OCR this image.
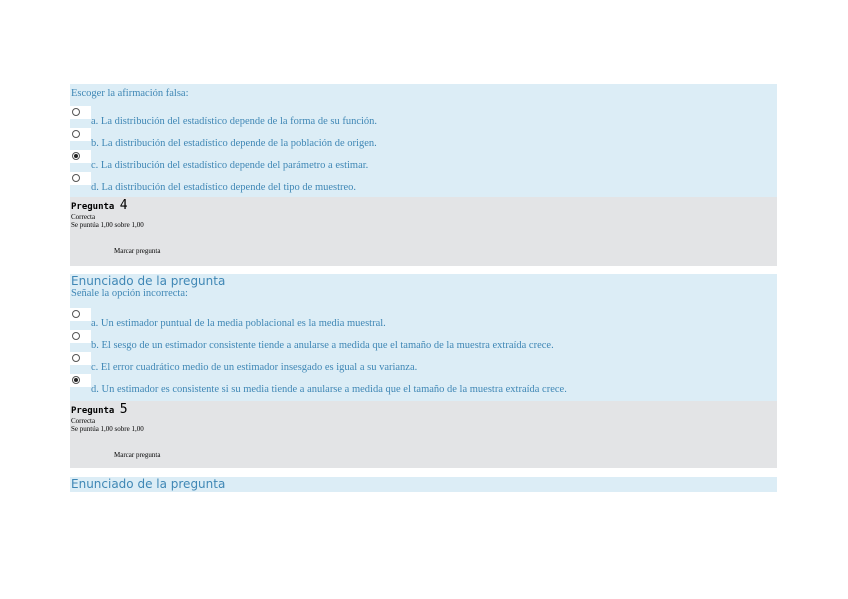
Escoger la afirmación falsa:
a. La distribución del estadístico depende de la forma de su función.
b. La distribución del estadístico depende de la población de origen.
c. La distribución del estadístico depende del parámetro a estimar.
d. La distribución del estadístico depende del tipo de muestreo.
Pregunta 4
Correcta
Se puntúa 1,00 sobre 1,00
Marcar pregunta
Enunciado de la pregunta
Señale la opción incorrecta:
a. Un estimador puntual de la media poblacional es la media muestral.
b. El sesgo de un estimador consistente tiende a anularse a medida que el tamaño de la muestra extraída crece.
c. El error cuadrático medio de un estimador insesgado es igual a su varianza.
d. Un estimador es consistente si su media tiende a anularse a medida que el tamaño de la muestra extraída crece.
Pregunta 5
Correcta
Se puntúa 1,00 sobre 1,00
Marcar pregunta
Enunciado de la pregunta
